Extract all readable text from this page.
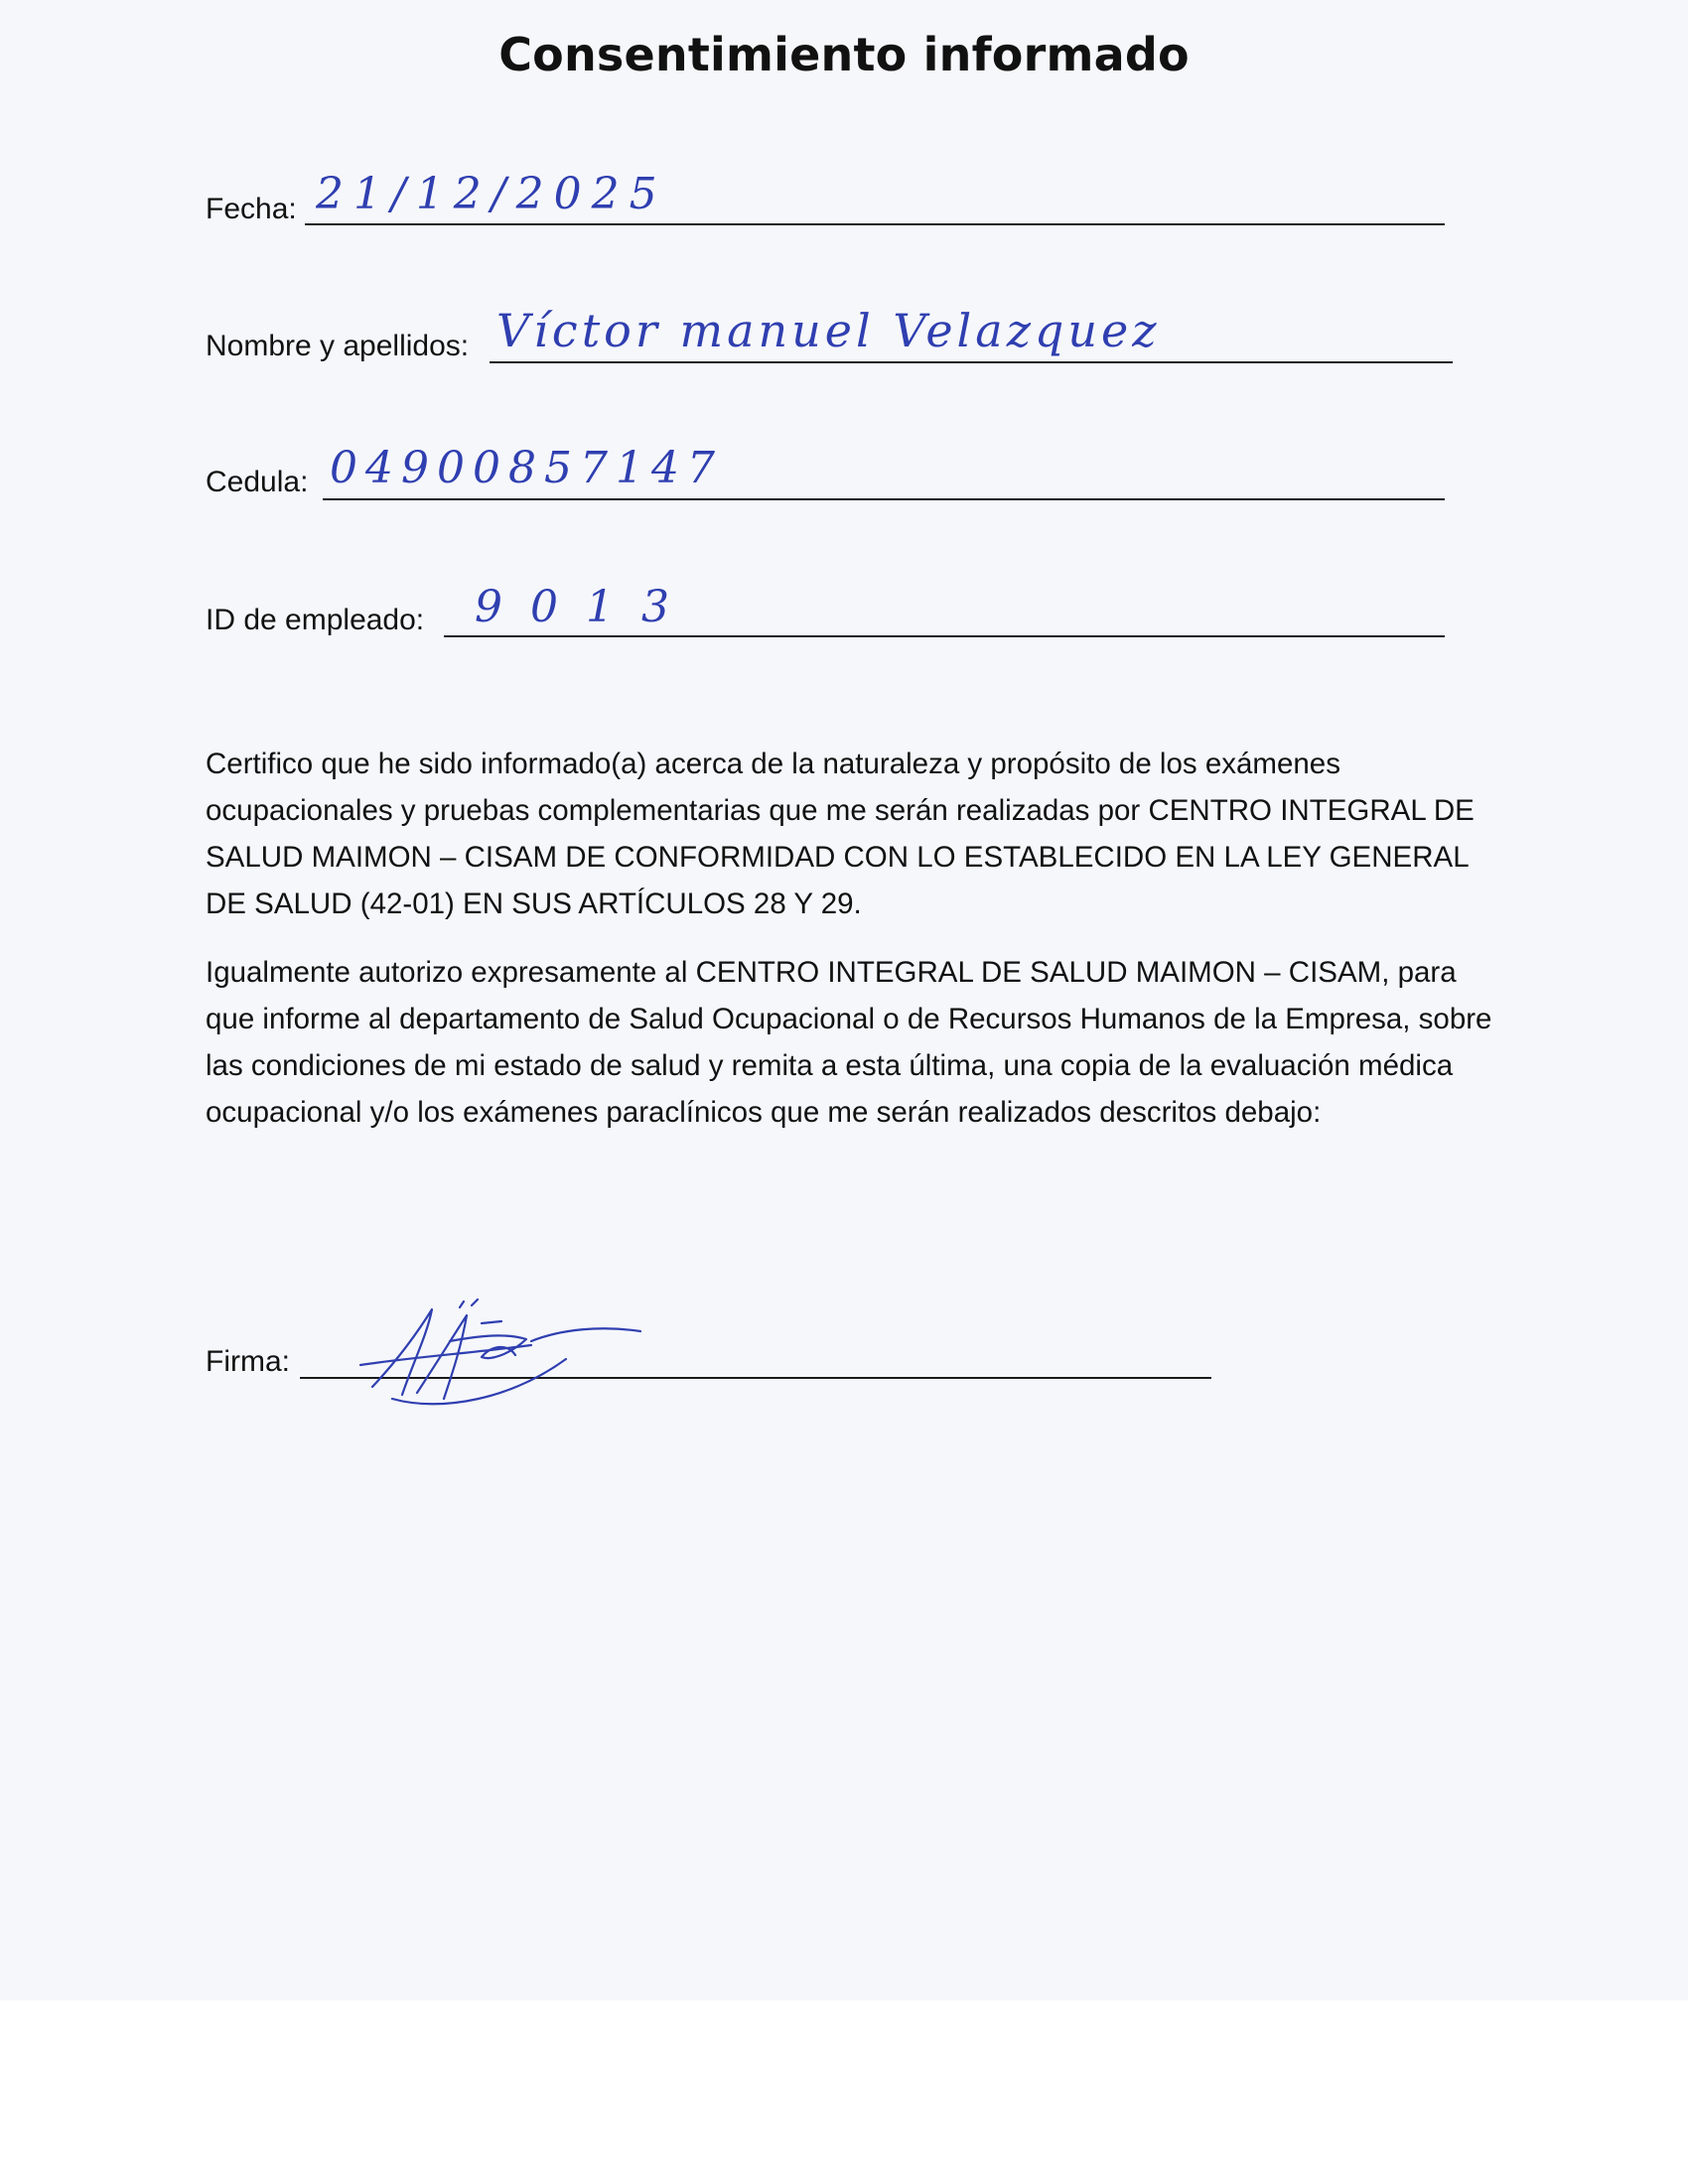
Consentimiento informado
Fecha: 21/12/2025
Nombre y apellidos: Víctor manuel Velazquez
Cedula: 04900857147
ID de empleado: 9013

Certifico que he sido informado(a) acerca de la naturaleza y propósito de los exámenes ocupacionales y pruebas complementarias que me serán realizadas por CENTRO INTEGRAL DE SALUD MAIMON – CISAM DE CONFORMIDAD CON LO ESTABLECIDO EN LA LEY GENERAL DE SALUD (42-01) EN SUS ARTÍCULOS 28 Y 29.

Igualmente autorizo expresamente al CENTRO INTEGRAL DE SALUD MAIMON – CISAM, para que informe al departamento de Salud Ocupacional o de Recursos Humanos de la Empresa, sobre las condiciones de mi estado de salud y remita a esta última, una copia de la evaluación médica ocupacional y/o los exámenes paraclínicos que me serán realizados descritos debajo:

Firma:
